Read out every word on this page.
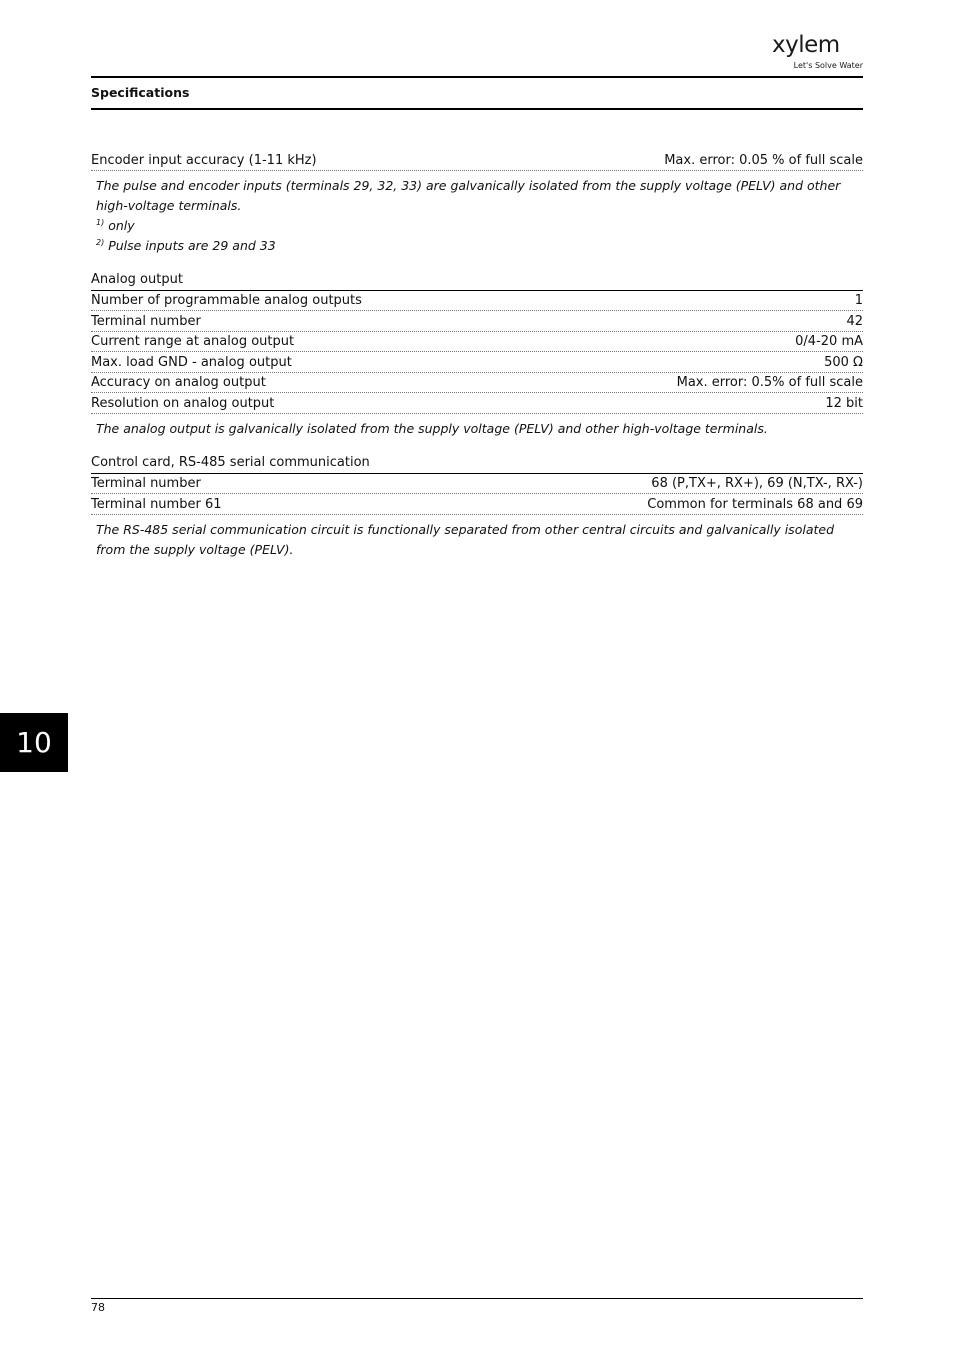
xylem
Let's Solve Water
Specifications
Encoder input accuracy (1-11 kHz)	Max. error: 0.05 % of full scale
The pulse and encoder inputs (terminals 29, 32, 33) are galvanically isolated from the supply voltage (PELV) and other high-voltage terminals.
$^{1)}$ only
$^{2)}$ Pulse inputs are 29 and 33
Analog output
Number of programmable analog outputs	1
Terminal number	42
Current range at analog output	0/4-20 mA
Max. load GND - analog output	500 Ω
Accuracy on analog output	Max. error: 0.5% of full scale
Resolution on analog output	12 bit
The analog output is galvanically isolated from the supply voltage (PELV) and other high-voltage terminals.
Control card, RS-485 serial communication
Terminal number	68 (P,TX+, RX+), 69 (N,TX-, RX-)
Terminal number 61	Common for terminals 68 and 69
The RS-485 serial communication circuit is functionally separated from other central circuits and galvanically isolated from the supply voltage (PELV).
10
78
